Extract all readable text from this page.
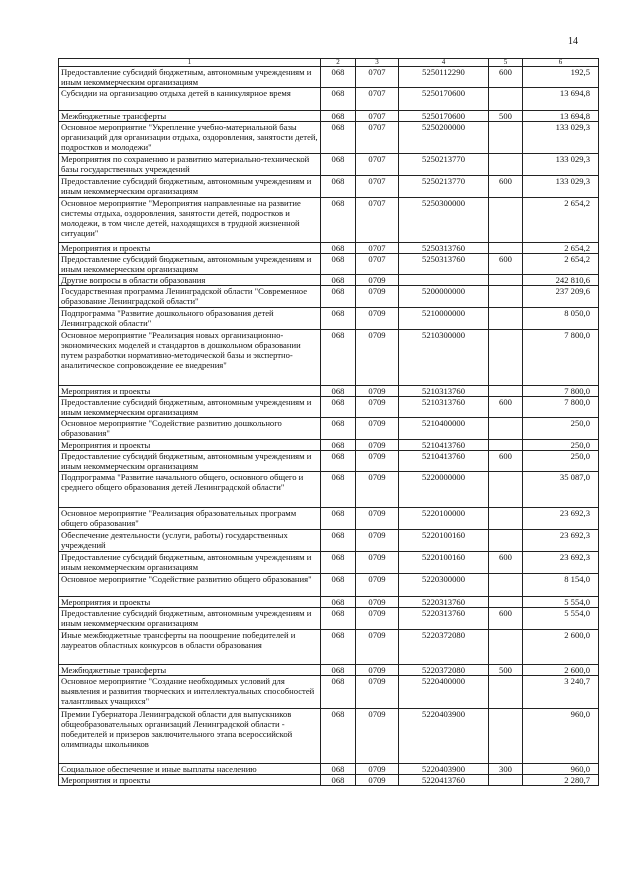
14
1	2	3	4	5	6
Предоставление субсидий бюджетным, автономным учреждениям и иным некоммерческим организациям	068	0707	5250112290	600	192,5
Субсидии на организацию отдыха детей в каникулярное время	068	0707	5250170600		13 694,8
Межбюджетные трансферты	068	0707	5250170600	500	13 694,8
Основное мероприятие "Укрепление учебно-материальной базы организаций для организации отдыха, оздоровления, занятости детей, подростков и молодежи"	068	0707	5250200000		133 029,3
Мероприятия по сохранению и развитию материально-технической базы государственных учреждений	068	0707	5250213770		133 029,3
Предоставление субсидий бюджетным, автономным учреждениям и иным некоммерческим организациям	068	0707	5250213770	600	133 029,3
Основное мероприятие "Мероприятия направленные на развитие системы отдыха, оздоровления, занятости детей, подростков и молодежи, в том числе детей, находящихся в трудной жизненной ситуации"	068	0707	5250300000		2 654,2
Мероприятия и проекты	068	0707	5250313760		2 654,2
Предоставление субсидий бюджетным, автономным учреждениям и иным некоммерческим организациям	068	0707	5250313760	600	2 654,2
Другие вопросы в области образования	068	0709			242 810,6
Государственная программа Ленинградской области "Современное образование Ленинградской области"	068	0709	5200000000		237 209,6
Подпрограмма "Развитие дошкольного образования детей Ленинградской области"	068	0709	5210000000		8 050,0
Основное мероприятие "Реализация новых организационно-экономических моделей и стандартов в дошкольном образовании путем разработки нормативно-методической базы и экспертно-аналитическое сопровождение ее внедрения"	068	0709	5210300000		7 800,0
Мероприятия и проекты	068	0709	5210313760		7 800,0
Предоставление субсидий бюджетным, автономным учреждениям и иным некоммерческим организациям	068	0709	5210313760	600	7 800,0
Основное мероприятие "Содействие развитию дошкольного образования"	068	0709	5210400000		250,0
Мероприятия и проекты	068	0709	5210413760		250,0
Предоставление субсидий бюджетным, автономным учреждениям и иным некоммерческим организациям	068	0709	5210413760	600	250,0
Подпрограмма "Развитие начального общего, основного общего и среднего общего образования детей Ленинградской области"	068	0709	5220000000		35 087,0
Основное мероприятие "Реализация образовательных программ общего образования"	068	0709	5220100000		23 692,3
Обеспечение деятельности (услуги, работы) государственных учреждений	068	0709	5220100160		23 692,3
Предоставление субсидий бюджетным, автономным учреждениям и иным некоммерческим организациям	068	0709	5220100160	600	23 692,3
Основное мероприятие "Содействие развитию общего образования"	068	0709	5220300000		8 154,0
Мероприятия и проекты	068	0709	5220313760		5 554,0
Предоставление субсидий бюджетным, автономным учреждениям и иным некоммерческим организациям	068	0709	5220313760	600	5 554,0
Иные межбюджетные трансферты на поощрение победителей и лауреатов областных конкурсов в области образования	068	0709	5220372080		2 600,0
Межбюджетные трансферты	068	0709	5220372080	500	2 600,0
Основное мероприятие "Создание необходимых условий для выявления и развития творческих и интеллектуальных способностей талантливых учащихся"	068	0709	5220400000		3 240,7
Премии Губернатора Ленинградской области для выпускников общеобразовательных организаций Ленинградской области - победителей и призеров заключительного этапа всероссийской олимпиады школьников	068	0709	5220403900		960,0
Социальное обеспечение и иные выплаты населению	068	0709	5220403900	300	960,0
Мероприятия и проекты	068	0709	5220413760		2 280,7
